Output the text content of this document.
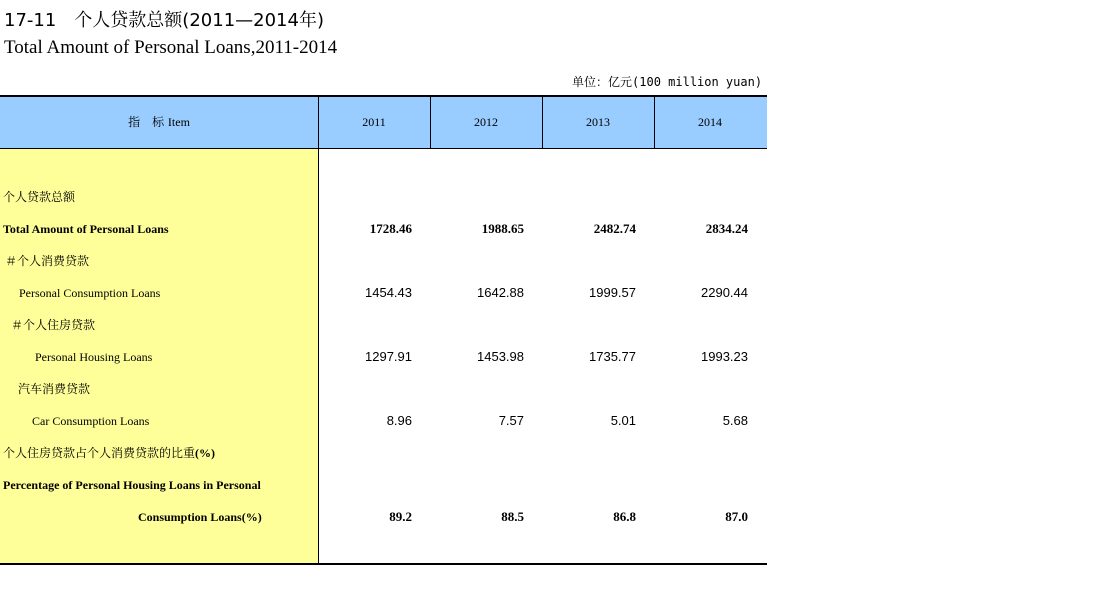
17-11 个人贷款总额(2011—2014年)
Total Amount of Personal Loans,2011-2014
单位：亿元(100 million yuan)
指　标 Item	2011	2012	2013	2014
个人贷款总额
Total Amount of Personal Loans	1728.46	1988.65	2482.74	2834.24
＃个人消费贷款
Personal Consumption Loans	1454.43	1642.88	1999.57	2290.44
＃个人住房贷款
Personal Housing Loans	1297.91	1453.98	1735.77	1993.23
汽车消费贷款
Car Consumption Loans	8.96	7.57	5.01	5.68
个人住房贷款占个人消费贷款的比重(%)
Percentage of Personal Housing Loans in Personal
Consumption Loans(%)	89.2	88.5	86.8	87.0
